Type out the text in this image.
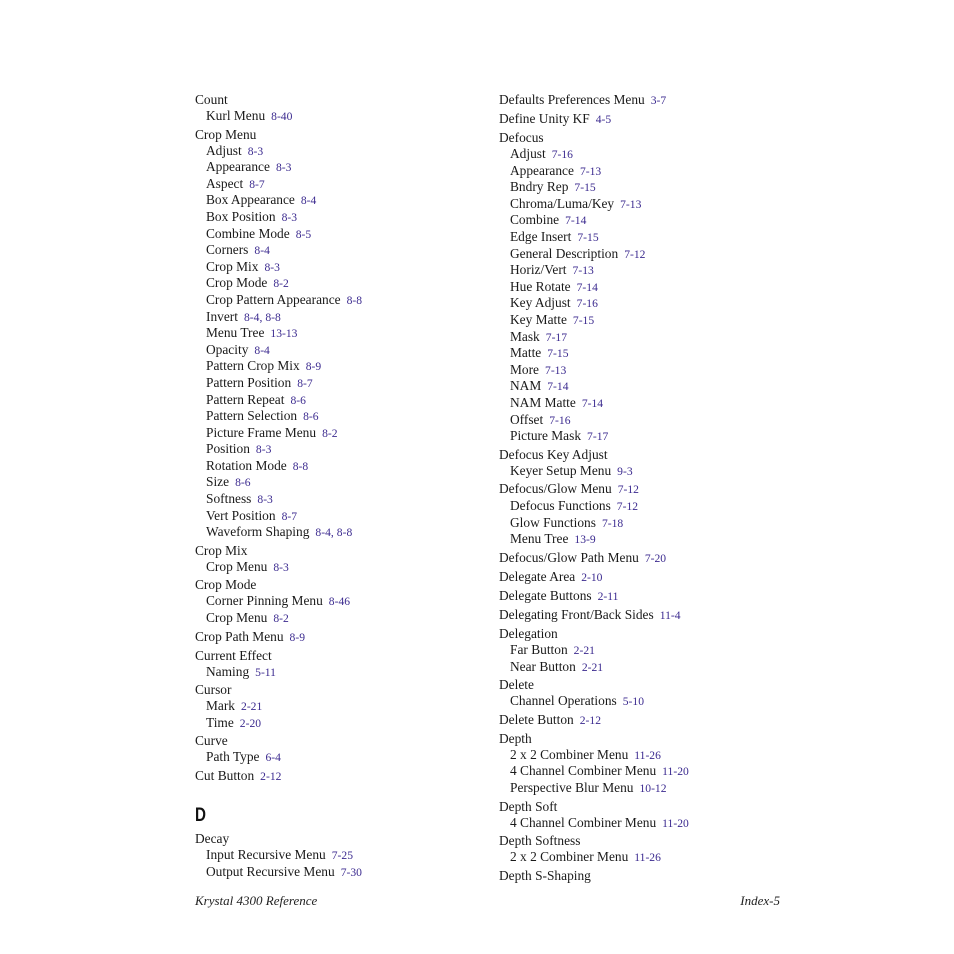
Count
Kurl Menu 8-40
Crop Menu
Adjust 8-3
Appearance 8-3
Aspect 8-7
Box Appearance 8-4
Box Position 8-3
Combine Mode 8-5
Corners 8-4
Crop Mix 8-3
Crop Mode 8-2
Crop Pattern Appearance 8-8
Invert 8-4, 8-8
Menu Tree 13-13
Opacity 8-4
Pattern Crop Mix 8-9
Pattern Position 8-7
Pattern Repeat 8-6
Pattern Selection 8-6
Picture Frame Menu 8-2
Position 8-3
Rotation Mode 8-8
Size 8-6
Softness 8-3
Vert Position 8-7
Waveform Shaping 8-4, 8-8
Crop Mix
Crop Menu 8-3
Crop Mode
Corner Pinning Menu 8-46
Crop Menu 8-2
Crop Path Menu 8-9
Current Effect
Naming 5-11
Cursor
Mark 2-21
Time 2-20
Curve
Path Type 6-4
Cut Button 2-12
D
Decay
Input Recursive Menu 7-25
Output Recursive Menu 7-30
Defaults Preferences Menu 3-7
Define Unity KF 4-5
Defocus
Adjust 7-16
Appearance 7-13
Bndry Rep 7-15
Chroma/Luma/Key 7-13
Combine 7-14
Edge Insert 7-15
General Description 7-12
Horiz/Vert 7-13
Hue Rotate 7-14
Key Adjust 7-16
Key Matte 7-15
Mask 7-17
Matte 7-15
More 7-13
NAM 7-14
NAM Matte 7-14
Offset 7-16
Picture Mask 7-17
Defocus Key Adjust
Keyer Setup Menu 9-3
Defocus/Glow Menu 7-12
Defocus Functions 7-12
Glow Functions 7-18
Menu Tree 13-9
Defocus/Glow Path Menu 7-20
Delegate Area 2-10
Delegate Buttons 2-11
Delegating Front/Back Sides 11-4
Delegation
Far Button 2-21
Near Button 2-21
Delete
Channel Operations 5-10
Delete Button 2-12
Depth
2 x 2 Combiner Menu 11-26
4 Channel Combiner Menu 11-20
Perspective Blur Menu 10-12
Depth Soft
4 Channel Combiner Menu 11-20
Depth Softness
2 x 2 Combiner Menu 11-26
Depth S-Shaping
Krystal 4300 Reference	Index-5
